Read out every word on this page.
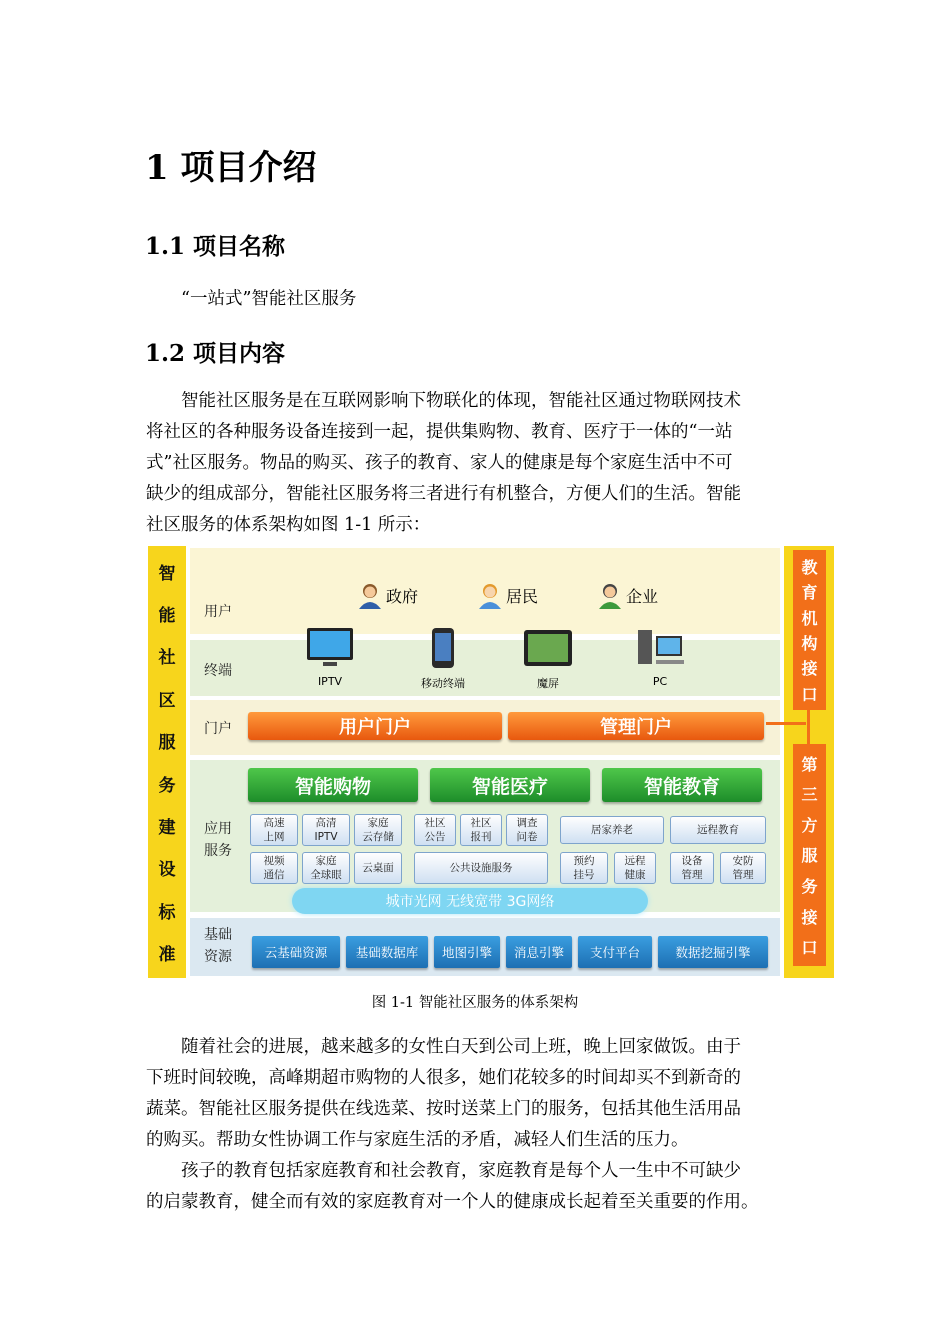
1 项目介绍
1.1 项目名称

“一站式”智能社区服务

1.2 项目内容
智能社区服务是在互联网影响下物联化的体现，智能社区通过物联网技术
将社区的各种服务设备连接到一起，提供集购物、教育、医疗于一体的“一站
式”社区服务。物品的购买、孩子的教育、家人的健康是每个家庭生活中不可
缺少的组成部分，智能社区服务将三者进行有机整合，方便人们的生活。智能
社区服务的体系架构如图 1-1 所示：
智
能
社
区
服
务
建
设
标
准
用户
政府	居民	企业
终端
IPTV	移动终端	魔屏	PC
门户	用户门户	管理门户
应用
服务
智能购物	智能医疗	智能教育
高速
上网
高清
IPTV
家庭
云存储
社区
公告
社区
报刊
调查
问卷
居家养老	远程教育
视频
通信
家庭
全球眼
云桌面	公共设施服务
预约
挂号
远程
健康
设备
管理
安防
管理
城市光网 无线宽带 3G网络
基础
资源	云基础资源	基础数据库	地图引擎	消息引擎	支付平台	数据挖掘引擎
教
育
机
构
接
口
第
三
方
服
务
接
口
图 1-1 智能社区服务的体系架构
随着社会的进展，越来越多的女性白天到公司上班，晚上回家做饭。由于
下班时间较晚，高峰期超市购物的人很多，她们花较多的时间却买不到新奇的
蔬菜。智能社区服务提供在线选菜、按时送菜上门的服务，包括其他生活用品
的购买。帮助女性协调工作与家庭生活的矛盾，减轻人们生活的压力。
孩子的教育包括家庭教育和社会教育，家庭教育是每个人一生中不可缺少
的启蒙教育，健全而有效的家庭教育对一个人的健康成长起着至关重要的作用。
